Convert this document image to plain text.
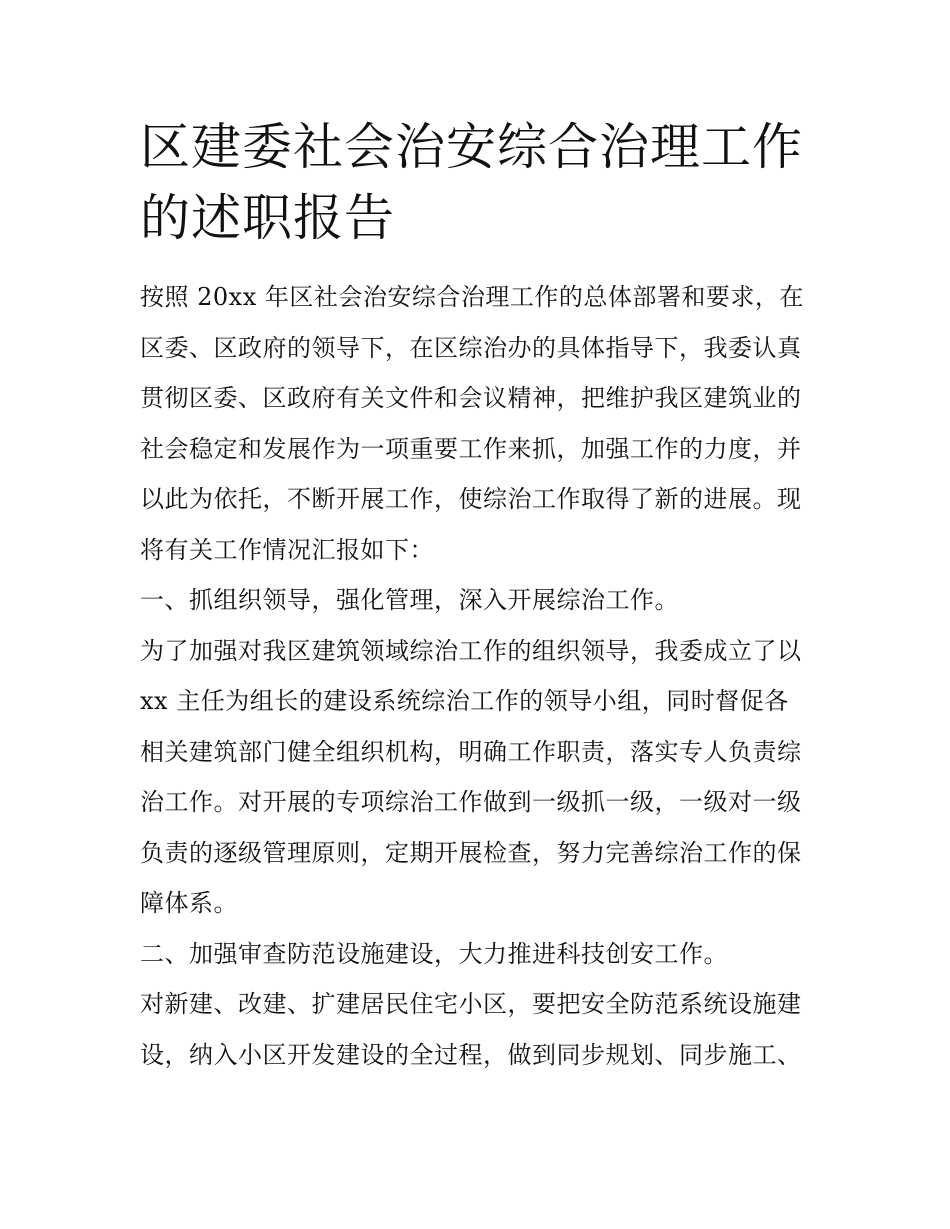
区建委社会治安综合治理工作
的述职报告
按照 20xx 年区社会治安综合治理工作的总体部署和要求，在
区委、区政府的领导下，在区综治办的具体指导下，我委认真
贯彻区委、区政府有关文件和会议精神，把维护我区建筑业的
社会稳定和发展作为一项重要工作来抓，加强工作的力度，并
以此为依托，不断开展工作，使综治工作取得了新的进展。现
将有关工作情况汇报如下：
一、抓组织领导，强化管理，深入开展综治工作。
为了加强对我区建筑领域综治工作的组织领导，我委成立了以
xx 主任为组长的建设系统综治工作的领导小组，同时督促各
相关建筑部门健全组织机构，明确工作职责，落实专人负责综
治工作。对开展的专项综治工作做到一级抓一级，一级对一级
负责的逐级管理原则，定期开展检查，努力完善综治工作的保
障体系。
二、加强审查防范设施建设，大力推进科技创安工作。
对新建、改建、扩建居民住宅小区，要把安全防范系统设施建
设，纳入小区开发建设的全过程，做到同步规划、同步施工、
